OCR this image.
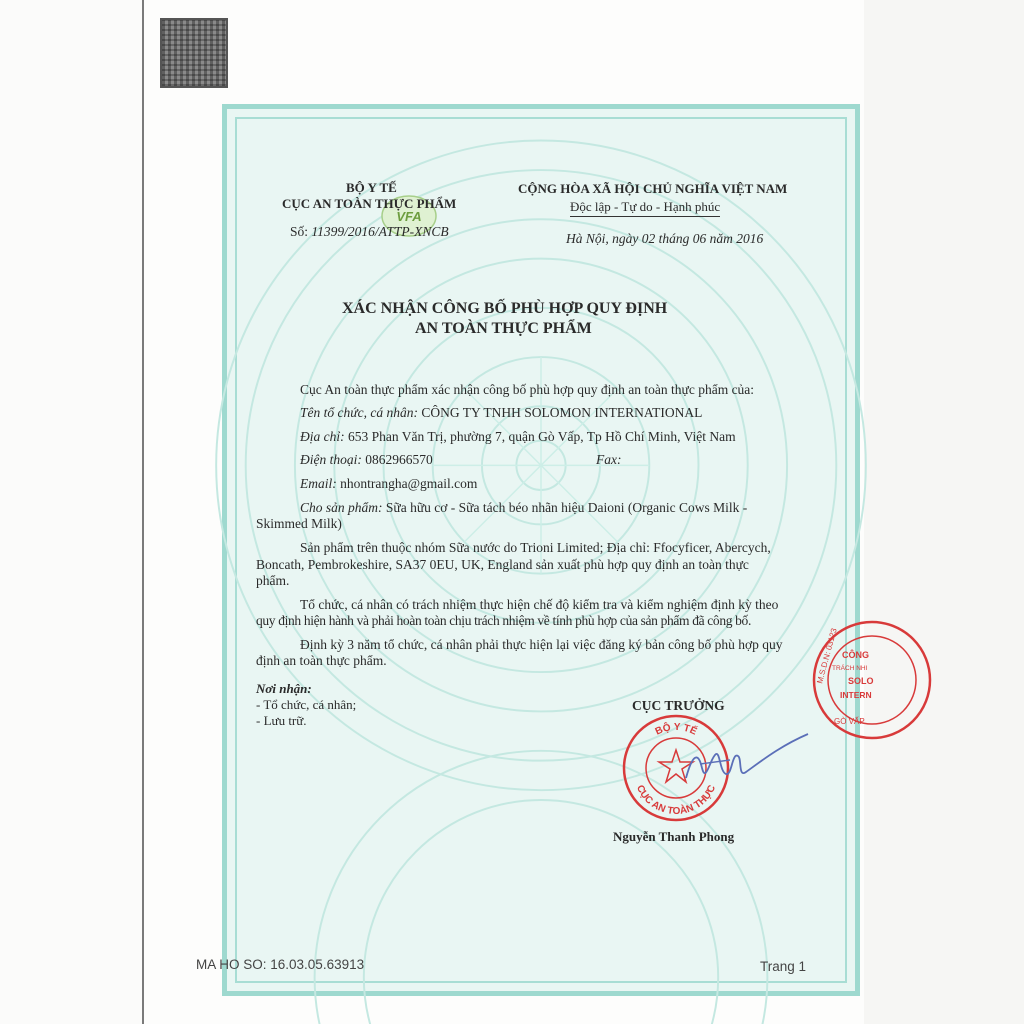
VFA
BỘ Y TẾ
CỤC AN TOÀN THỰC PHẨM
Số: 11399/2016/ATTP-XNCB
CỘNG HÒA XÃ HỘI CHỦ NGHĨA VIỆT NAM
Độc lập - Tự do - Hạnh phúc
Hà Nội, ngày 02 tháng 06 năm 2016
XÁC NHẬN CÔNG BỐ PHÙ HỢP QUY ĐỊNH
AN TOÀN THỰC PHẨM
Cục An toàn thực phẩm xác nhận công bố phù hợp quy định an toàn thực phẩm của:
Tên tổ chức, cá nhân: CÔNG TY TNHH SOLOMON INTERNATIONAL
Địa chỉ: 653 Phan Văn Trị, phường 7, quận Gò Vấp, Tp Hồ Chí Minh, Việt Nam
Điện thoại: 0862966570	Fax:
Email: nhontrangha@gmail.com
Cho sản phẩm: Sữa hữu cơ - Sữa tách béo nhãn hiệu Daioni (Organic Cows Milk -
Skimmed Milk)
Sản phẩm trên thuộc nhóm Sữa nước do Trioni Limited; Địa chỉ: Ffocyficer, Abercych,
Boncath, Pembrokeshire, SA37 0EU, UK, England sản xuất phù hợp quy định an toàn thực
phẩm.
Tổ chức, cá nhân có trách nhiệm thực hiện chế độ kiểm tra và kiểm nghiệm định kỳ theo
quy định hiện hành và phải hoàn toàn chịu trách nhiệm về tính phù hợp của sản phẩm đã công bố.
Định kỳ 3 năm tổ chức, cá nhân phải thực hiện lại việc đăng ký bản công bố phù hợp quy
định an toàn thực phẩm.
Nơi nhận:
- Tổ chức, cá nhân;
- Lưu trữ.
CỤC TRƯỞNG
BỘ Y TẾ
CỤC AN TOÀN THỰC
Nguyễn Thanh Phong
M.S.D.N: 03123 CÔNG
TRÁCH NHI
SOLO
INTERN
GÒ VẤP
MA HO SO: 16.03.05.63913	Trang 1
